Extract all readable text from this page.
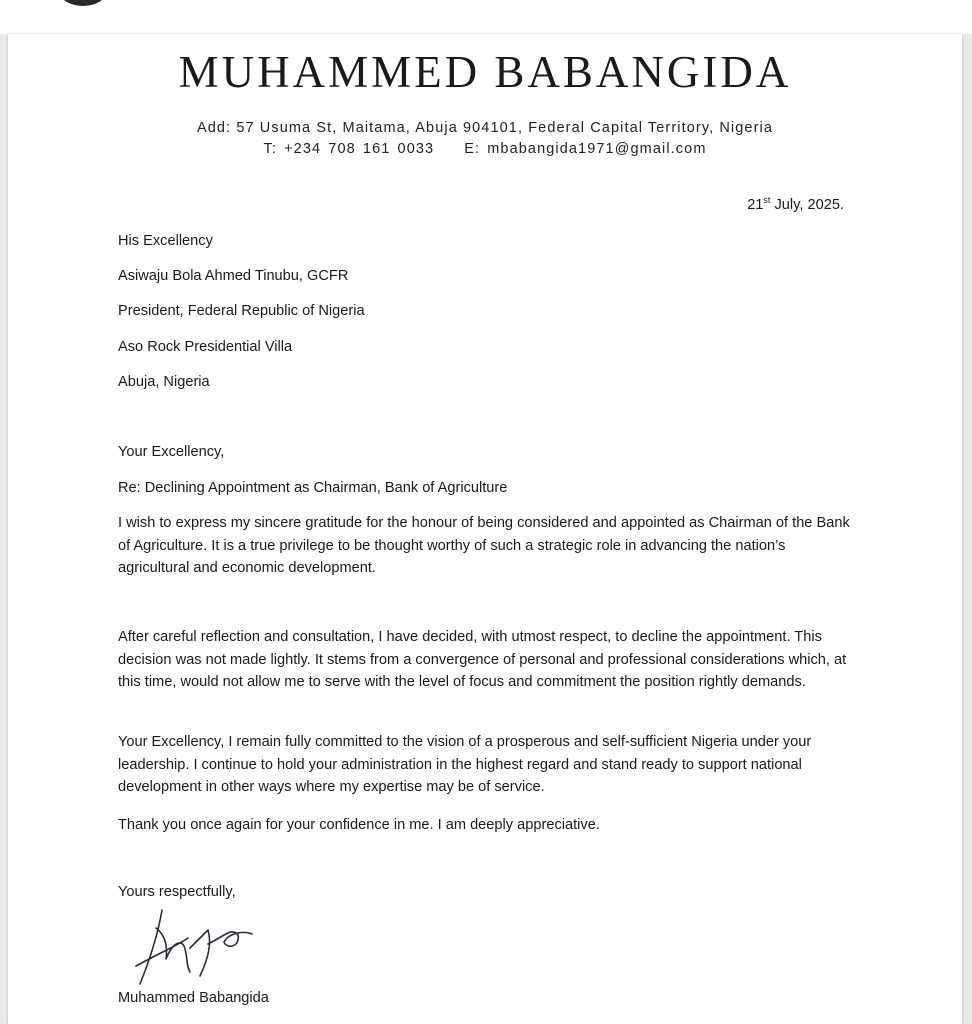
MUHAMMED BABANGIDA
Add: 57 Usuma St, Maitama, Abuja 904101, Federal Capital Territory, Nigeria
T: +234 708 161 0033 E: mbabangida1971@gmail.com
21st July, 2025.
His Excellency
Asiwaju Bola Ahmed Tinubu, GCFR
President, Federal Republic of Nigeria
Aso Rock Presidential Villa
Abuja, Nigeria
Your Excellency,
Re: Declining Appointment as Chairman, Bank of Agriculture
I wish to express my sincere gratitude for the honour of being considered and appointed as Chairman of the Bank of Agriculture. It is a true privilege to be thought worthy of such a strategic role in advancing the nation’s agricultural and economic development.
After careful reflection and consultation, I have decided, with utmost respect, to decline the appointment. This decision was not made lightly. It stems from a convergence of personal and professional considerations which, at this time, would not allow me to serve with the level of focus and commitment the position rightly demands.
Your Excellency, I remain fully committed to the vision of a prosperous and self-sufficient Nigeria under your leadership. I continue to hold your administration in the highest regard and stand ready to support national development in other ways where my expertise may be of service.
Thank you once again for your confidence in me. I am deeply appreciative.
Yours respectfully,
Muhammed Babangida
